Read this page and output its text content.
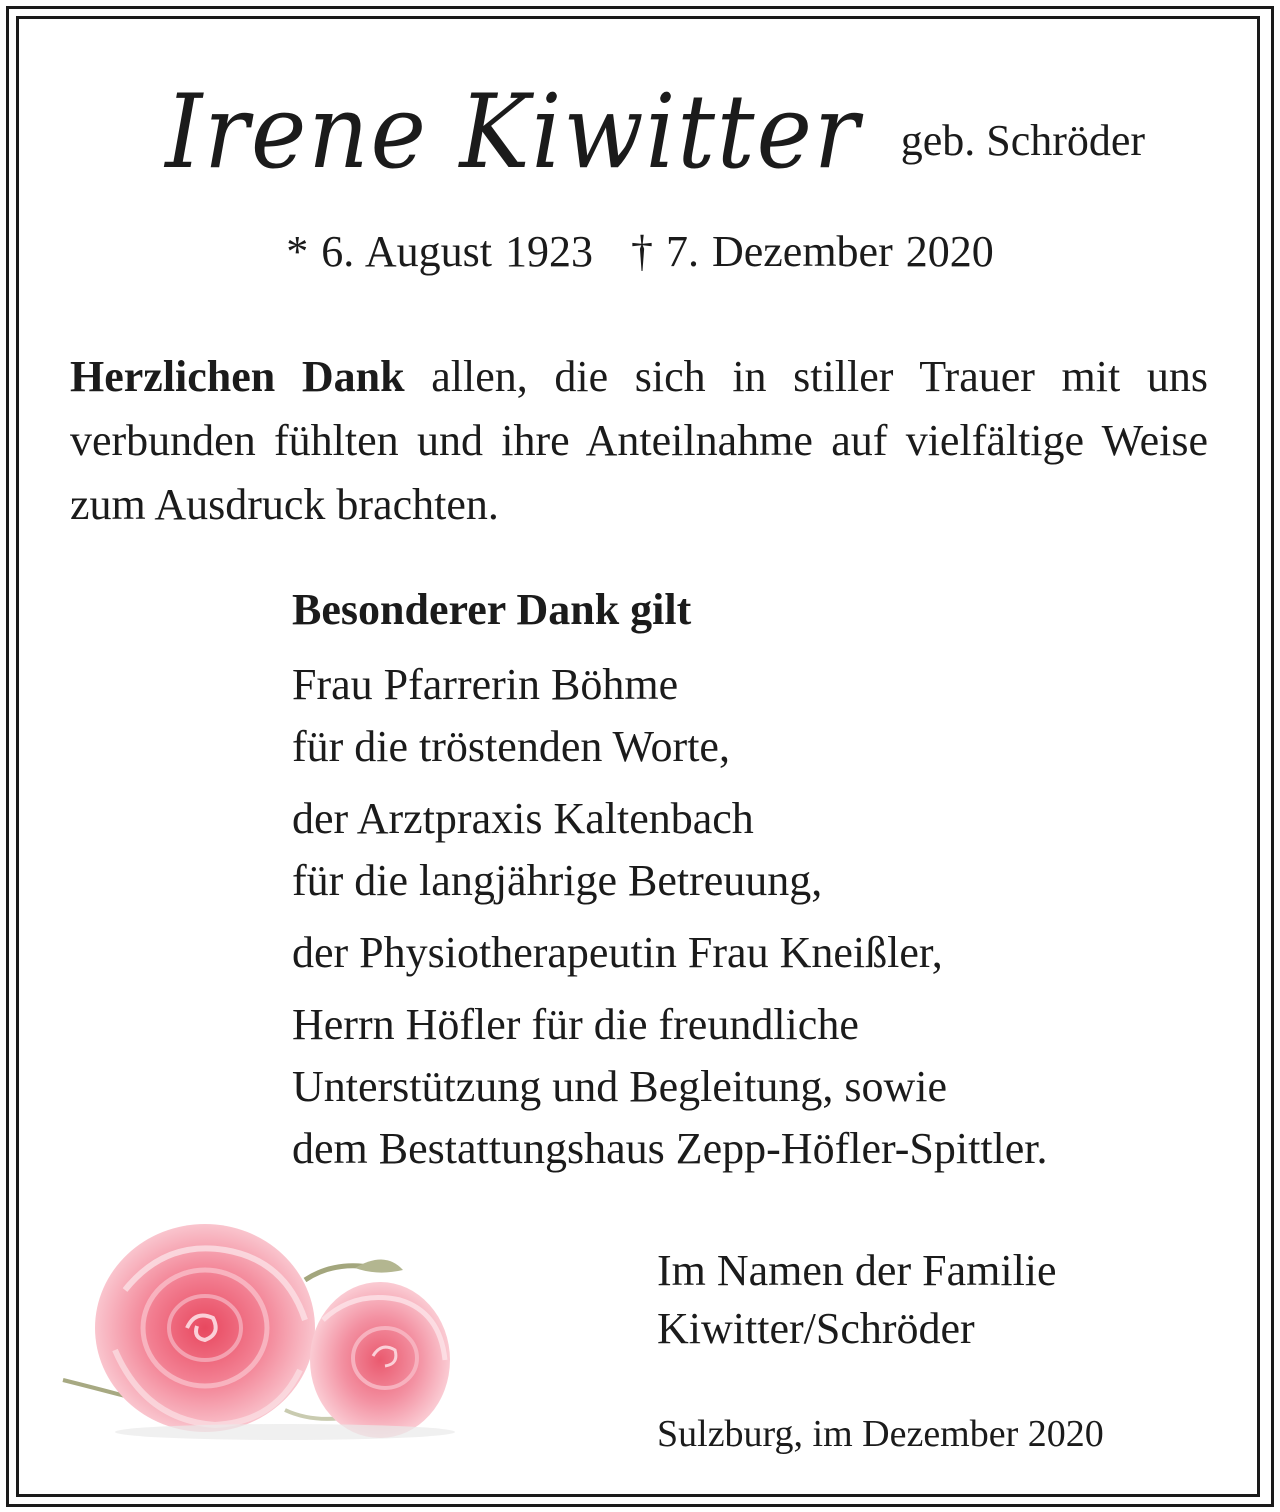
Irene Kiwitter geb. Schröder
* 6. August 1923 † 7. Dezember 2020
Herzlichen Dank allen, die sich in stiller Trauer mit uns verbunden fühlten und ihre Anteilnahme auf vielfältige Weise zum Ausdruck brachten.
Besonderer Dank gilt
Frau Pfarrerin Böhme
für die tröstenden Worte,
der Arztpraxis Kaltenbach
für die langjährige Betreuung,
der Physiotherapeutin Frau Kneißler,
Herrn Höfler für die freundliche
Unterstützung und Begleitung, sowie
dem Bestattungshaus Zepp-Höfler-Spittler.
Im Namen der Familie
Kiwitter/Schröder
Sulzburg, im Dezember 2020
